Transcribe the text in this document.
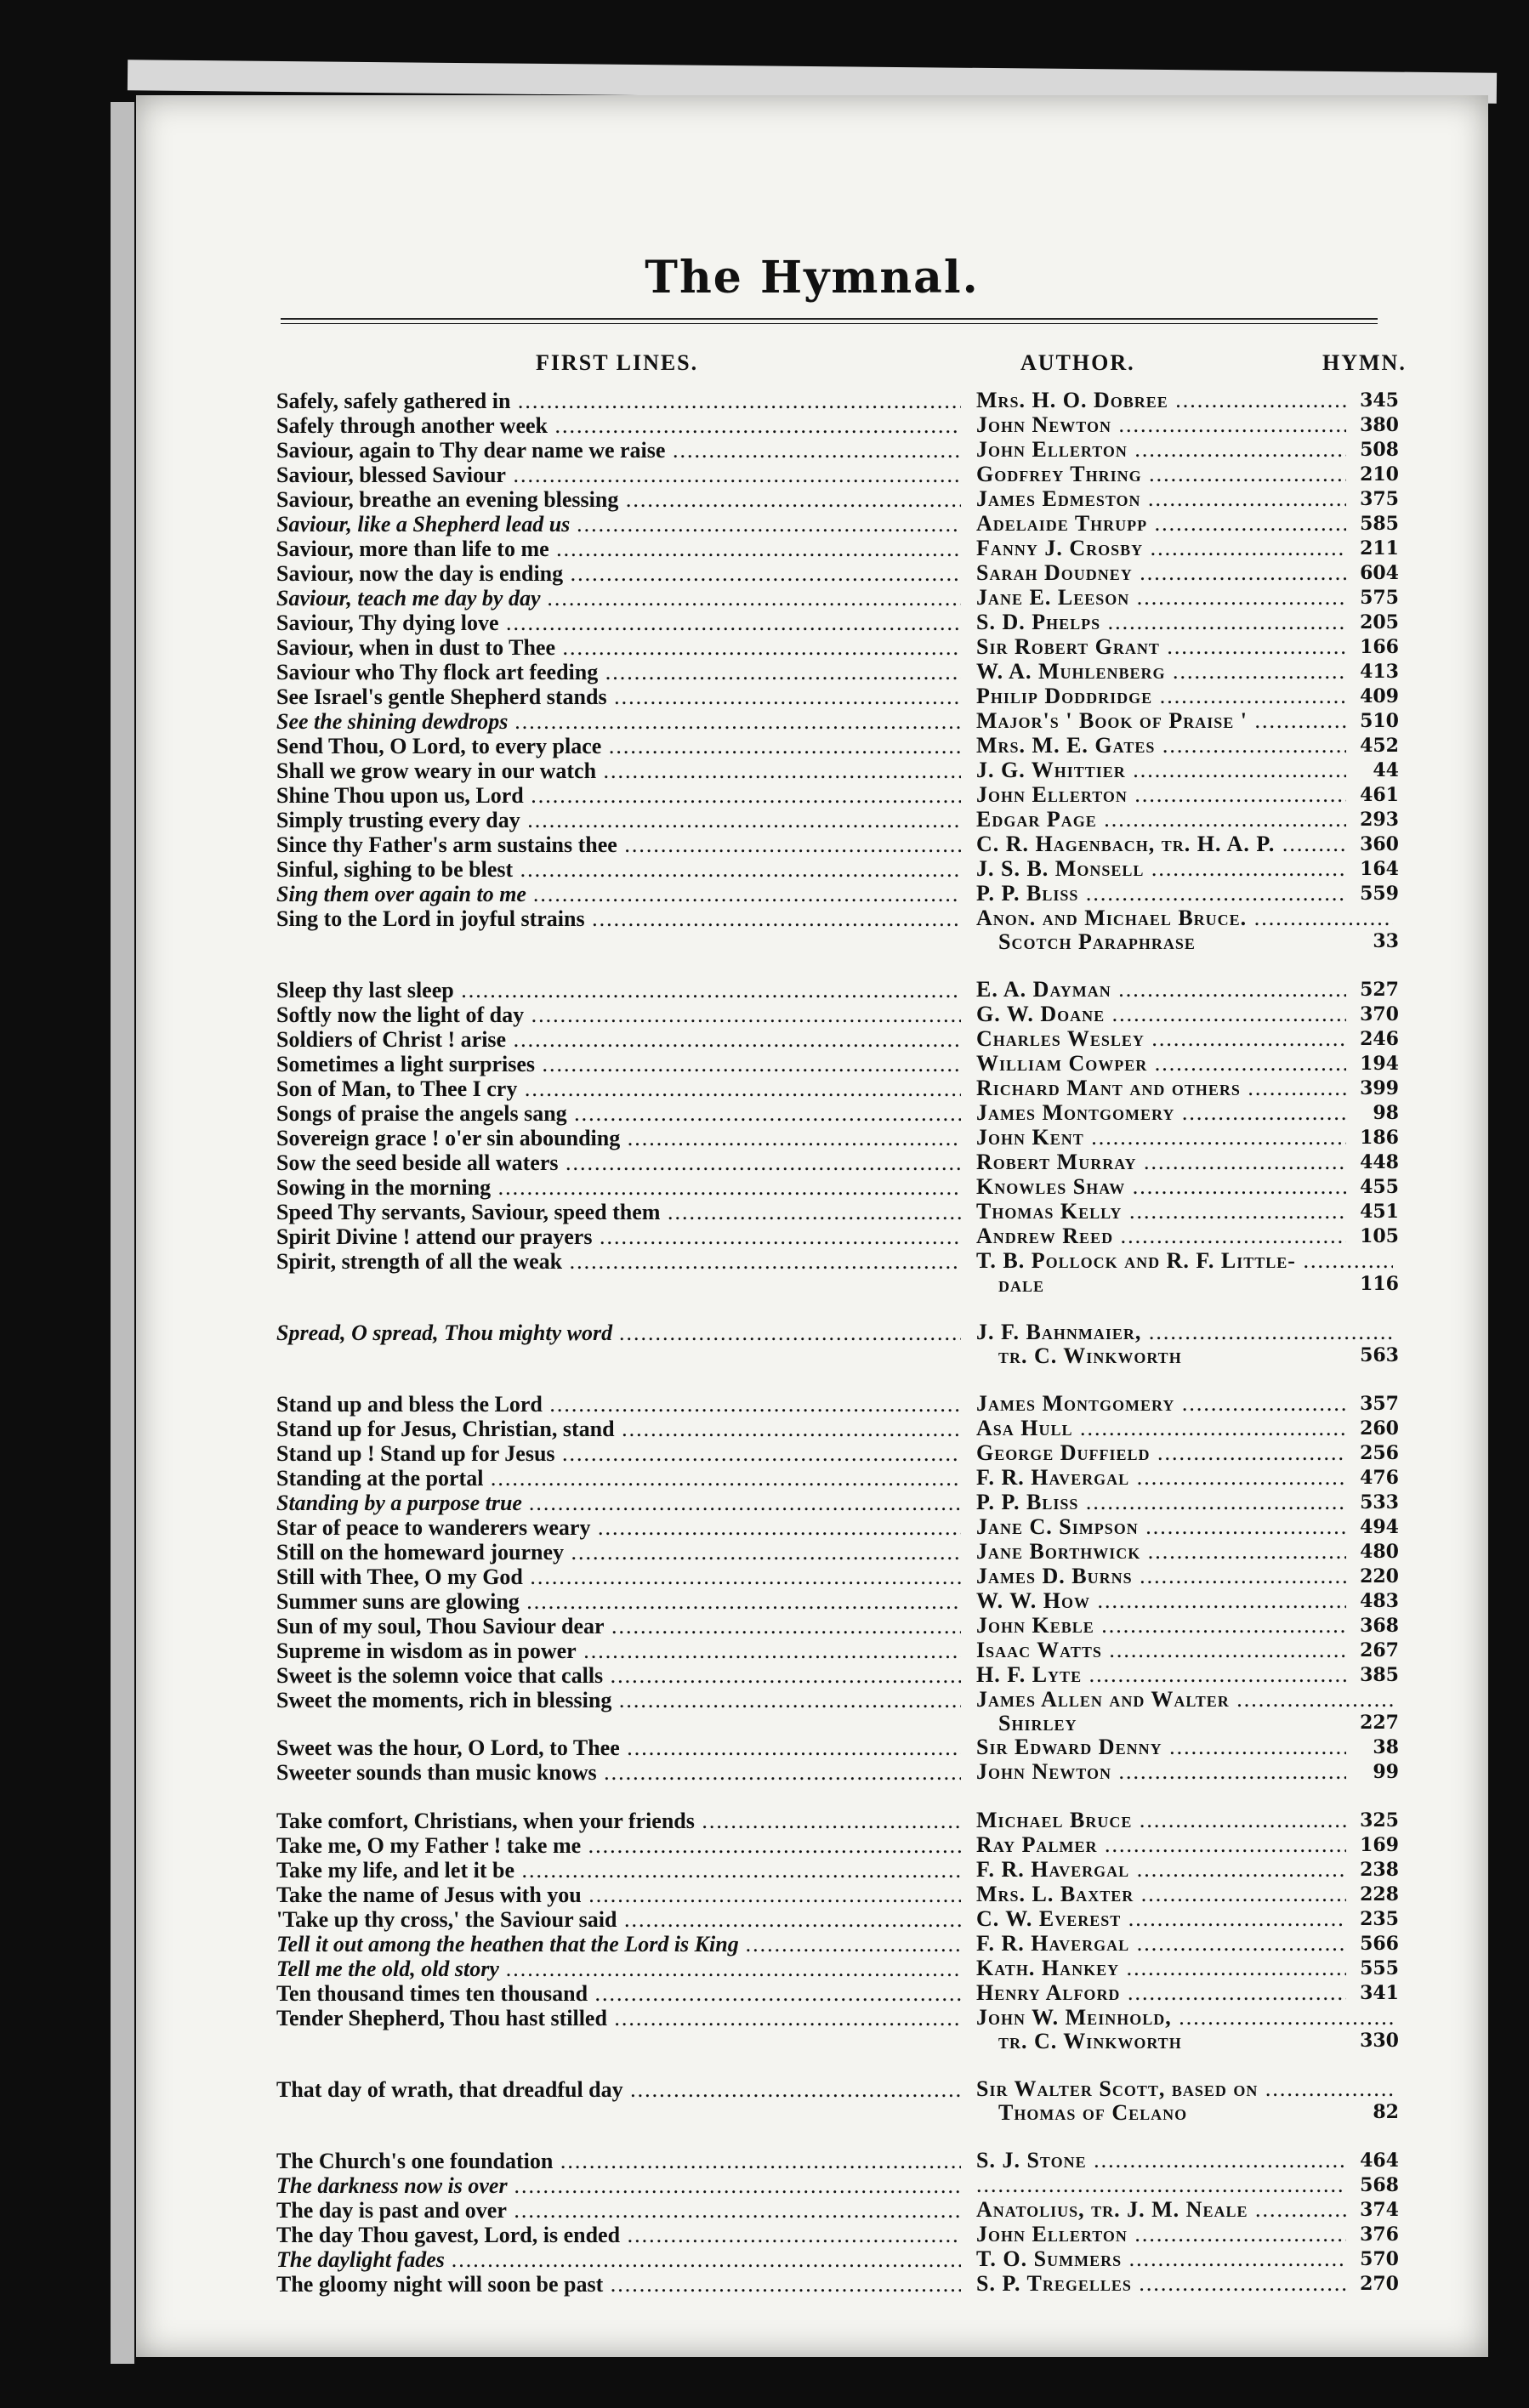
The Hymnal.
FIRST LINES.	AUTHOR.	HYMN.
Safely, safely gathered in .....	Mrs. H. O. Dobree .....	345
Safely through another week .....	John Newton .....	380
Saviour, again to Thy dear name we raise .....	John Ellerton .....	508
Saviour, blessed Saviour .....	Godfrey Thring .....	210
Saviour, breathe an evening blessing .....	James Edmeston .....	375
Saviour, like a Shepherd lead us .....	Adelaide Thrupp .....	585
Saviour, more than life to me .....	Fanny J. Crosby .....	211
Saviour, now the day is ending .....	Sarah Doudney .....	604
Saviour, teach me day by day .....	Jane E. Leeson .....	575
Saviour, Thy dying love .....	S. D. Phelps .....	205
Saviour, when in dust to Thee .....	Sir Robert Grant .....	166
Saviour who Thy flock art feeding .....	W. A. Muhlenberg .....	413
See Israel's gentle Shepherd stands .....	Philip Doddridge .....	409
See the shining dewdrops .....	Major's ' Book of Praise ' .....	510
Send Thou, O Lord, to every place .....	Mrs. M. E. Gates .....	452
Shall we grow weary in our watch .....	J. G. Whittier .....	44
Shine Thou upon us, Lord .....	John Ellerton .....	461
Simply trusting every day .....	Edgar Page .....	293
Since thy Father's arm sustains thee .....	C. R. Hagenbach, tr. H. A. P. .....	360
Sinful, sighing to be blest .....	J. S. B. Monsell .....	164
Sing them over again to me .....	P. P. Bliss .....	559
Sing to the Lord in joyful strains .....	Anon. and Michael Bruce. .....
Scotch Paraphrase	33
Sleep thy last sleep .....	E. A. Dayman .....	527
Softly now the light of day .....	G. W. Doane .....	370
Soldiers of Christ ! arise .....	Charles Wesley .....	246
Sometimes a light surprises .....	William Cowper .....	194
Son of Man, to Thee I cry .....	Richard Mant and others .....	399
Songs of praise the angels sang .....	James Montgomery .....	98
Sovereign grace ! o'er sin abounding .....	John Kent .....	186
Sow the seed beside all waters .....	Robert Murray .....	448
Sowing in the morning .....	Knowles Shaw .....	455
Speed Thy servants, Saviour, speed them .....	Thomas Kelly .....	451
Spirit Divine ! attend our prayers .....	Andrew Reed .....	105
Spirit, strength of all the weak .....	T. B. Pollock and R. F. Little- .....
dale	116
Spread, O spread, Thou mighty word .....	J. F. Bahnmaier, .....
tr. C. Winkworth	563
Stand up and bless the Lord .....	James Montgomery .....	357
Stand up for Jesus, Christian, stand .....	Asa Hull .....	260
Stand up ! Stand up for Jesus .....	George Duffield .....	256
Standing at the portal .....	F. R. Havergal .....	476
Standing by a purpose true .....	P. P. Bliss .....	533
Star of peace to wanderers weary .....	Jane C. Simpson .....	494
Still on the homeward journey .....	Jane Borthwick .....	480
Still with Thee, O my God .....	James D. Burns .....	220
Summer suns are glowing .....	W. W. How .....	483
Sun of my soul, Thou Saviour dear .....	John Keble .....	368
Supreme in wisdom as in power .....	Isaac Watts .....	267
Sweet is the solemn voice that calls .....	H. F. Lyte .....	385
Sweet the moments, rich in blessing .....	James Allen and Walter .....
Shirley	227
Sweet was the hour, O Lord, to Thee .....	Sir Edward Denny .....	38
Sweeter sounds than music knows .....	John Newton .....	99
Take comfort, Christians, when your friends .....	Michael Bruce .....	325
Take me, O my Father ! take me .....	Ray Palmer .....	169
Take my life, and let it be .....	F. R. Havergal .....	238
Take the name of Jesus with you .....	Mrs. L. Baxter .....	228
'Take up thy cross,' the Saviour said .....	C. W. Everest .....	235
Tell it out among the heathen that the Lord is King .....	F. R. Havergal .....	566
Tell me the old, old story .....	Kath. Hankey .....	555
Ten thousand times ten thousand .....	Henry Alford .....	341
Tender Shepherd, Thou hast stilled .....	John W. Meinhold, .....
tr. C. Winkworth	330
That day of wrath, that dreadful day .....	Sir Walter Scott, based on .....
Thomas of Celano	82
The Church's one foundation .....	S. J. Stone .....	464
The darkness now is over ..... .....	568
The day is past and over .....	Anatolius, tr. J. M. Neale .....	374
The day Thou gavest, Lord, is ended .....	John Ellerton .....	376
The daylight fades .....	T. O. Summers .....	570
The gloomy night will soon be past .....	S. P. Tregelles .....	270
